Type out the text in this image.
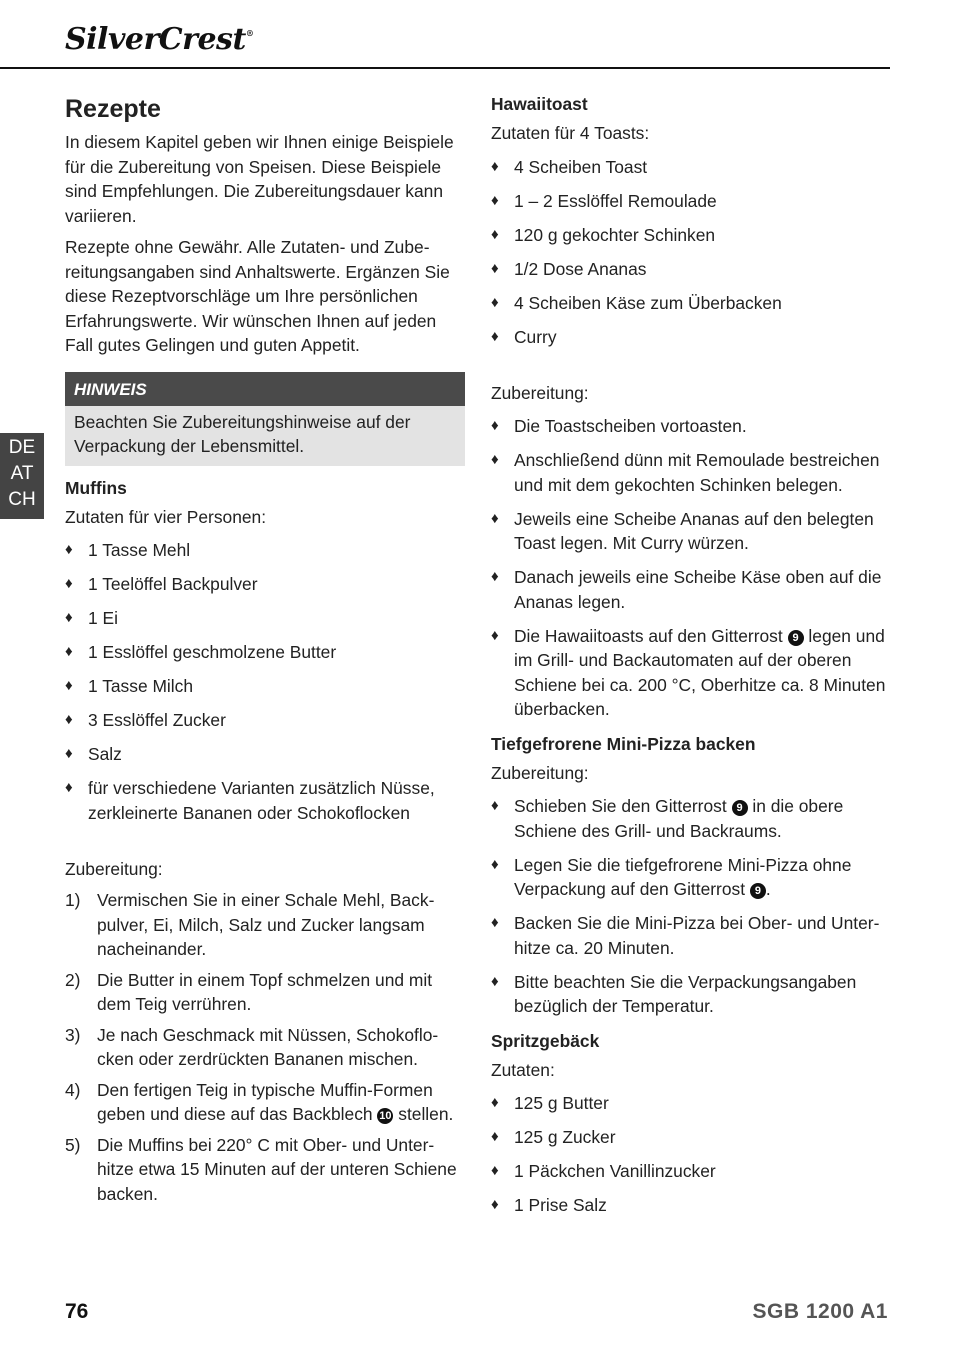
SilverCrest®
DE
AT
CH
Rezepte

In diesem Kapitel geben wir Ihnen einige Beispiele für die Zubereitung von Speisen. Diese Beispiele sind Empfehlungen. Die Zubereitungsdauer kann variieren.

Rezepte ohne Gewähr. Alle Zutaten- und Zubereitungsangaben sind Anhaltswerte. Ergänzen Sie diese Rezeptvorschläge um Ihre persönlichen Erfahrungswerte. Wir wünschen Ihnen auf jeden Fall gutes Gelingen und guten Appetit.

HINWEIS
Beachten Sie Zubereitungshinweise auf der Verpackung der Lebensmittel.
Muffins

Zutaten für vier Personen:

♦ 1 Tasse Mehl
♦ 1 Teelöffel Backpulver
♦ 1 Ei
♦ 1 Esslöffel geschmolzene Butter
♦ 1 Tasse Milch
♦ 3 Esslöffel Zucker
♦ Salz
♦ für verschiedene Varianten zusätzlich Nüsse, zerkleinerte Bananen oder Schokoflocken

Zubereitung:

1) Vermischen Sie in einer Schale Mehl, Backpulver, Ei, Milch, Salz und Zucker langsam nacheinander.
2) Die Butter in einem Topf schmelzen und mit dem Teig verrühren.
3) Je nach Geschmack mit Nüssen, Schokoflocken oder zerdrückten Bananen mischen.
4) Den fertigen Teig in typische Muffin-Formen geben und diese auf das Backblech 10 stellen.
5) Die Muffins bei 220° C mit Ober- und Unterhitze etwa 15 Minuten auf der unteren Schiene backen.
Hawaiitoast

Zutaten für 4 Toasts:

♦ 4 Scheiben Toast
♦ 1 – 2 Esslöffel Remoulade
♦ 120 g gekochter Schinken
♦ 1/2 Dose Ananas
♦ 4 Scheiben Käse zum Überbacken
♦ Curry

Zubereitung:

♦ Die Toastscheiben vortoasten.
♦ Anschließend dünn mit Remoulade bestreichen und mit dem gekochten Schinken belegen.
♦ Jeweils eine Scheibe Ananas auf den belegten Toast legen. Mit Curry würzen.
♦ Danach jeweils eine Scheibe Käse oben auf die Ananas legen.
♦ Die Hawaiitoasts auf den Gitterrost 9 legen und im Grill- und Backautomaten auf der oberen Schiene bei ca. 200 °C, Oberhitze ca. 8 Minuten überbacken.
Tiefgefrorene Mini-Pizza backen

Zubereitung:

♦ Schieben Sie den Gitterrost 9 in die obere Schiene des Grill- und Backraums.
♦ Legen Sie die tiefgefrorene Mini-Pizza ohne Verpackung auf den Gitterrost 9 .
♦ Backen Sie die Mini-Pizza bei Ober- und Unterhitze ca. 20 Minuten.
♦ Bitte beachten Sie die Verpackungsangaben bezüglich der Temperatur.
Spritzgebäck

Zutaten:

♦ 125 g Butter
♦ 125 g Zucker
♦ 1 Päckchen Vanillinzucker
♦ 1 Prise Salz
76	SGB 1200 A1
